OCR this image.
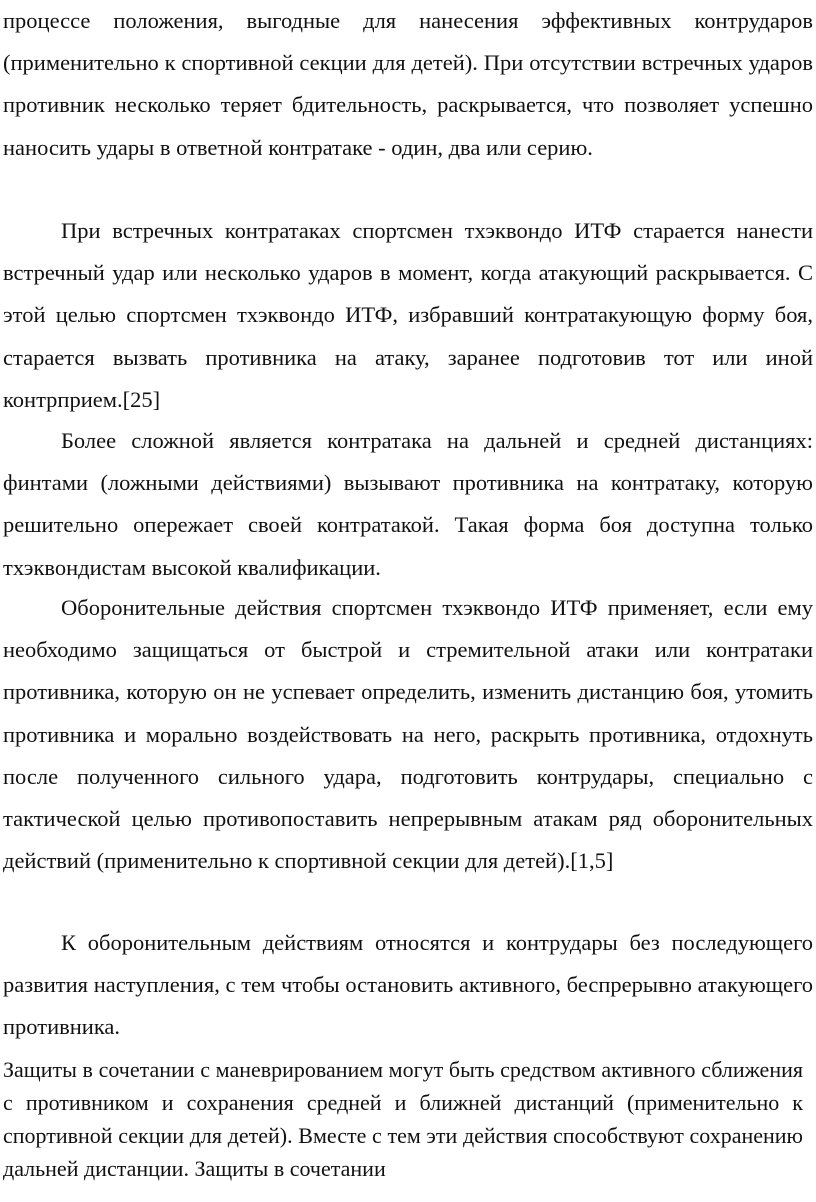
процессе положения, выгодные для нанесения эффективных контрударов (применительно к спортивной секции для детей). При отсутствии встречных ударов противник несколько теряет бдительность, раскрывается, что позволяет успешно наносить удары в ответной контратаке - один, два или серию.

При встречных контратаках спортсмен тхэквондо ИТФ старается нанести встречный удар или несколько ударов в момент, когда атакующий раскрывается. С этой целью спортсмен тхэквондо ИТФ, избравший контратакующую форму боя, старается вызвать противника на атаку, заранее подготовив тот или иной контрприем.[25]

Более сложной является контратака на дальней и средней дистанциях: финтами (ложными действиями) вызывают противника на контратаку, которую решительно опережает своей контратакой. Такая форма боя доступна только тхэквондистам высокой квалификации.

Оборонительные действия спортсмен тхэквондо ИТФ применяет, если ему необходимо защищаться от быстрой и стремительной атаки или контратаки противника, которую он не успевает определить, изменить дистанцию боя, утомить противника и морально воздействовать на него, раскрыть противника, отдохнуть после полученного сильного удара, подготовить контрудары, специально с тактической целью противопоставить непрерывным атакам ряд оборонительных действий (применительно к спортивной секции для детей).[1,5]

К оборонительным действиям относятся и контрудары без последующего развития наступления, с тем чтобы остановить активного, беспрерывно атакующего противника.

Защиты в сочетании с маневрированием могут быть средством активного сближения с противником и сохранения средней и ближней дистанций (применительно к спортивной секции для детей). Вместе с тем эти действия способствуют сохранению дальней дистанции. Защиты в сочетании
